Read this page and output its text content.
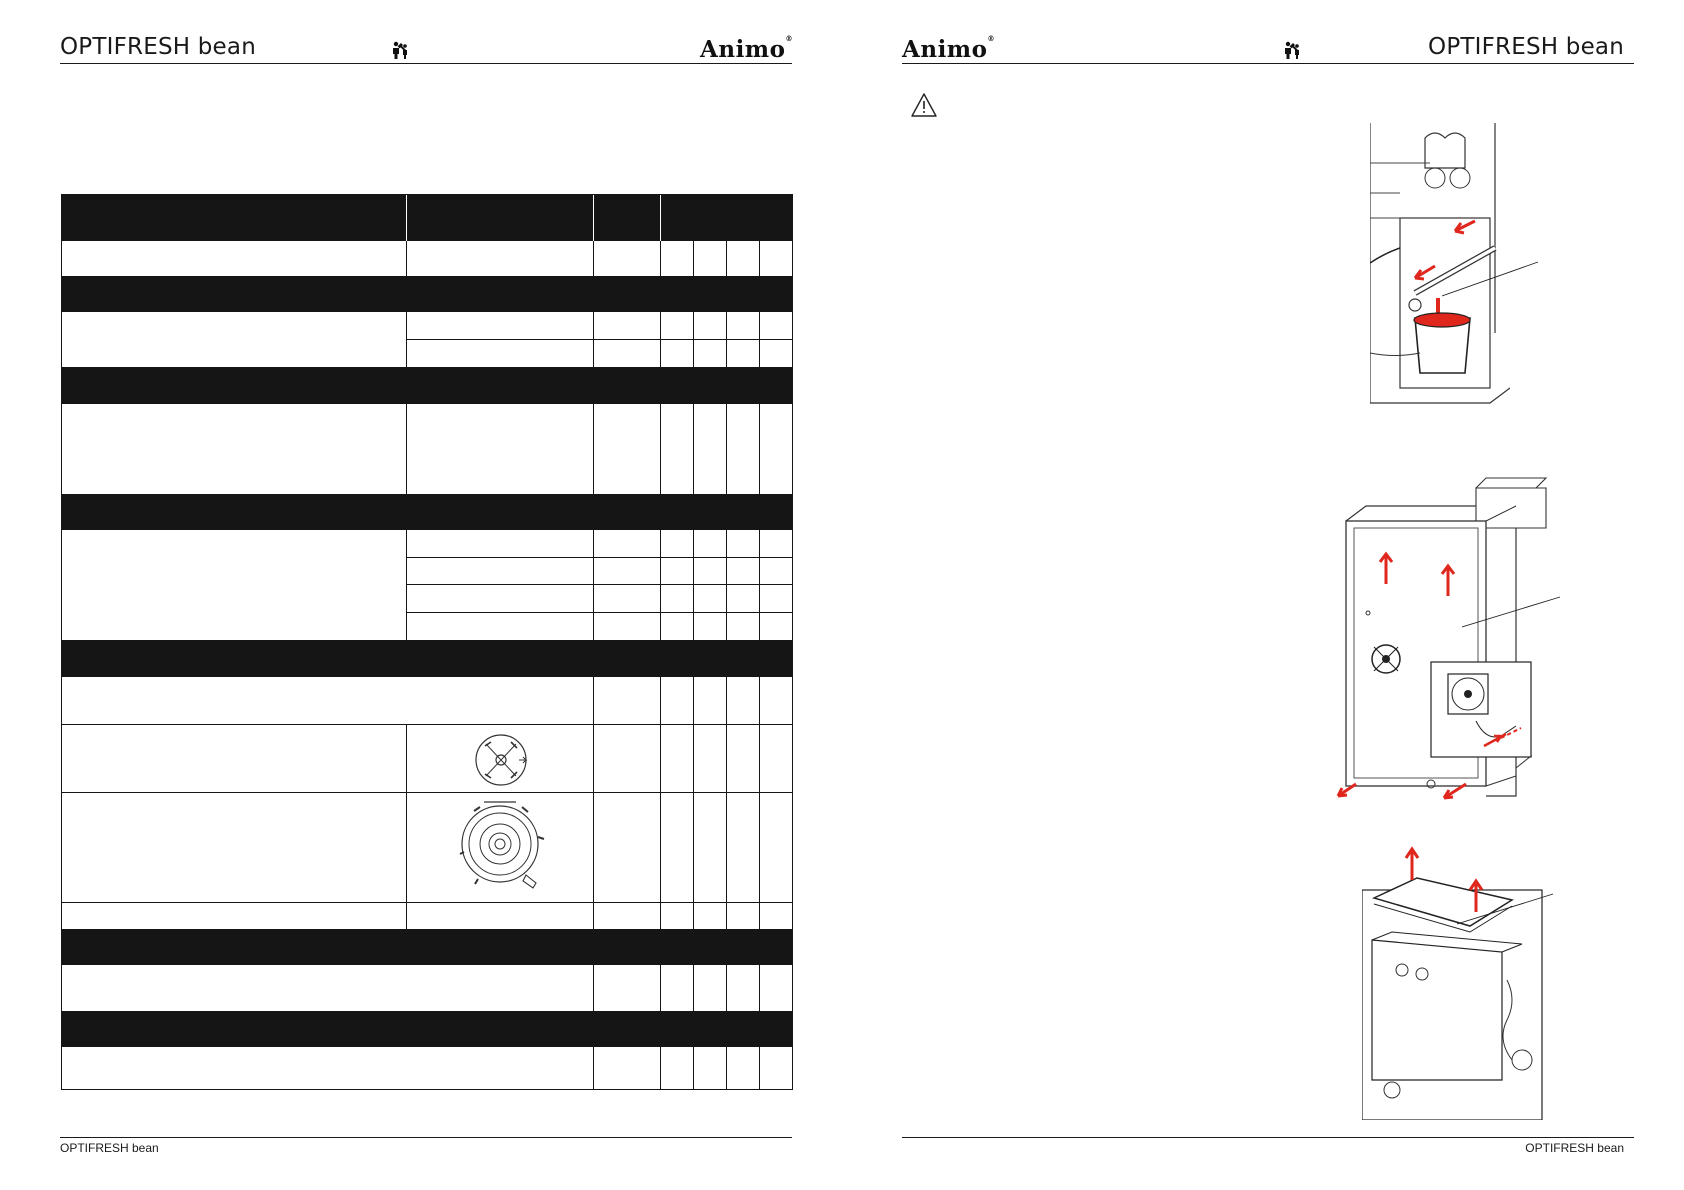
OPTIFRESH bean	Animo®
OPTIFRESH bean
Animo®	OPTIFRESH bean
OPTIFRESH bean
